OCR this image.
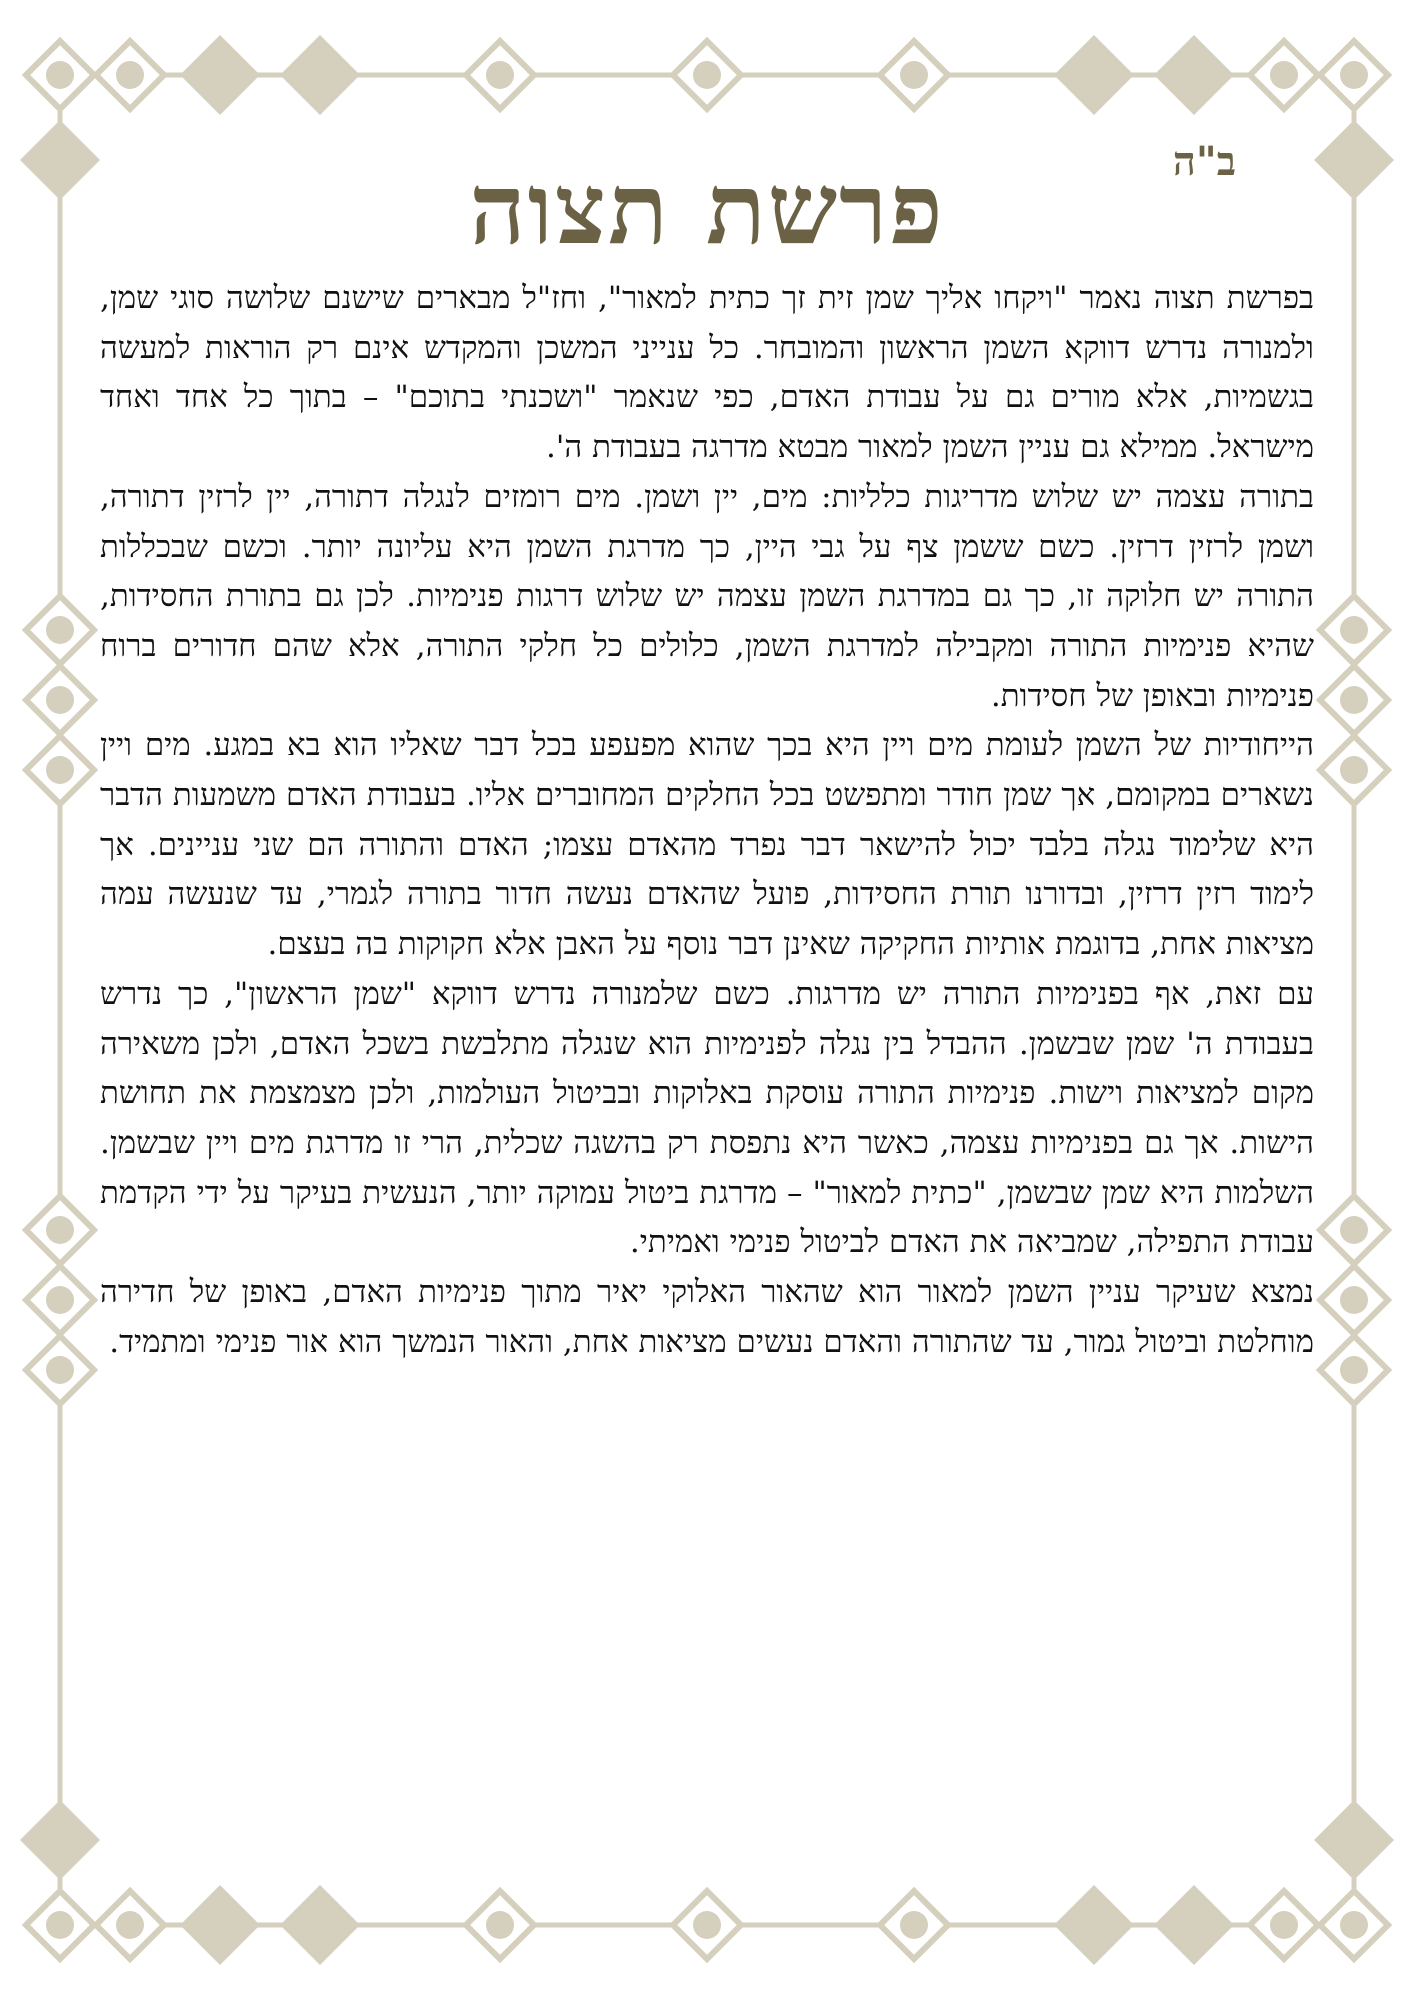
ב"ה
פרשת תצוה

בפרשת תצוה נאמר "ויקחו אליך שמן זית זך כתית למאור", וחז"ל מבארים שישנם שלושה סוגי שמן, ולמנורה נדרש דווקא השמן הראשון והמובחר. כל ענייני המשכן והמקדש אינם רק הוראות למעשה בגשמיות, אלא מורים גם על עבודת האדם, כפי שנאמר "ושכנתי בתוכם" – בתוך כל אחד ואחד מישראל. ממילא גם עניין השמן למאור מבטא מדרגה בעבודת ה'.

בתורה עצמה יש שלוש מדריגות כלליות: מים, יין ושמן. מים רומזים לנגלה דתורה, יין לרזין דתורה, ושמן לרזין דרזין. כשם ששמן צף על גבי היין, כך מדרגת השמן היא עליונה יותר. וכשם שבכללות התורה יש חלוקה זו, כך גם במדרגת השמן עצמה יש שלוש דרגות פנימיות. לכן גם בתורת החסידות, שהיא פנימיות התורה ומקבילה למדרגת השמן, כלולים כל חלקי התורה, אלא שהם חדורים ברוח פנימיות ובאופן של חסידות.

הייחודיות של השמן לעומת מים ויין היא בכך שהוא מפעפע בכל דבר שאליו הוא בא במגע. מים ויין נשארים במקומם, אך שמן חודר ומתפשט בכל החלקים המחוברים אליו. בעבודת האדם משמעות הדבר היא שלימוד נגלה בלבד יכול להישאר דבר נפרד מהאדם עצמו; האדם והתורה הם שני עניינים. אך לימוד רזין דרזין, ובדורנו תורת החסידות, פועל שהאדם נעשה חדור בתורה לגמרי, עד שנעשה עמה מציאות אחת, בדוגמת אותיות החקיקה שאינן דבר נוסף על האבן אלא חקוקות בה בעצם.

עם זאת, אף בפנימיות התורה יש מדרגות. כשם שלמנורה נדרש דווקא "שמן הראשון", כך נדרש בעבודת ה' שמן שבשמן. ההבדל בין נגלה לפנימיות הוא שנגלה מתלבשת בשכל האדם, ולכן משאירה מקום למציאות וישות. פנימיות התורה עוסקת באלוקות ובביטול העולמות, ולכן מצמצמת את תחושת הישות. אך גם בפנימיות עצמה, כאשר היא נתפסת רק בהשגה שכלית, הרי זו מדרגת מים ויין שבשמן. השלמות היא שמן שבשמן, "כתית למאור" – מדרגת ביטול עמוקה יותר, הנעשית בעיקר על ידי הקדמת עבודת התפילה, שמביאה את האדם לביטול פנימי ואמיתי.

נמצא שעיקר עניין השמן למאור הוא שהאור האלוקי יאיר מתוך פנימיות האדם, באופן של חדירה מוחלטת וביטול גמור, עד שהתורה והאדם נעשים מציאות אחת, והאור הנמשך הוא אור פנימי ומתמיד.
